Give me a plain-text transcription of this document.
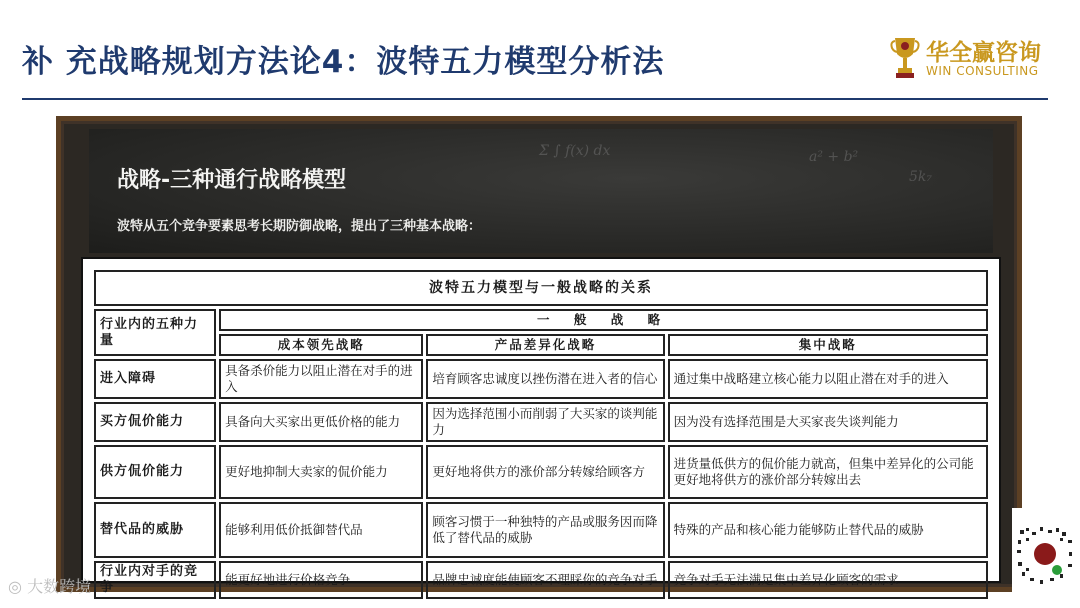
补 充战略规划方法论4：波特五力模型分析法	华全赢咨询
WIN CONSULTING
Σ ∫ f(x) dx
5k₇
a² + b²
战略-三种通行战略模型
波特从五个竞争要素思考长期防御战略，提出了三种基本战略：
波特五力模型与一般战略的关系			
行业内的五种力量	一 般 战 略		
	成本领先战略	产品差异化战略	集中战略
进入障碍	具备杀价能力以阻止潜在对手的进入	培育顾客忠诚度以挫伤潜在进入者的信心	通过集中战略建立核心能力以阻止潜在对手的进入
买方侃价能力	具备向大买家出更低价格的能力	因为选择范围小而削弱了大买家的谈判能力	因为没有选择范围是大买家丧失谈判能力
供方侃价能力	更好地抑制大卖家的侃价能力	更好地将供方的涨价部分转嫁给顾客方	进货量低供方的侃价能力就高，但集中差异化的公司能更好地将供方的涨价部分转嫁出去
替代品的威胁	能够利用低价抵御替代品	顾客习惯于一种独特的产品或服务因而降低了替代品的威胁	特殊的产品和核心能力能够防止替代品的威胁
行业内对手的竞争	能更好地进行价格竞争	品牌忠诚度能使顾客不理睬你的竞争对手	竞争对手无法满足集中差异化顾客的需求
◎ 大数跨境
